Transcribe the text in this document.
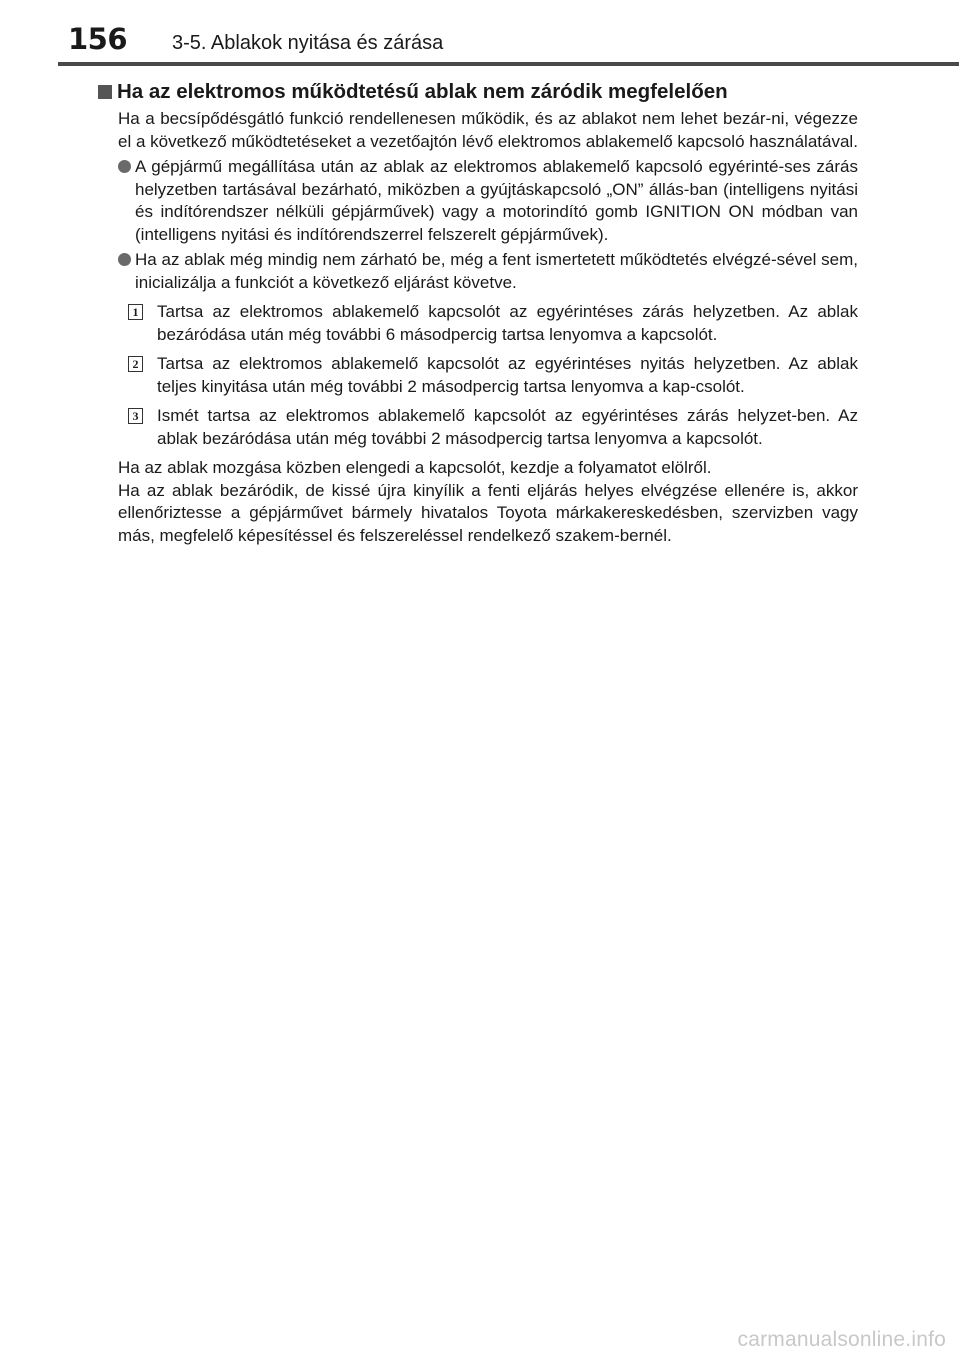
156 3-5. Ablakok nyitása és zárása
Ha az elektromos működtetésű ablak nem záródik megfelelően

Ha a becsípődésgátló funkció rendellenesen működik, és az ablakot nem lehet bezár-ni, végezze el a következő működtetéseket a vezetőajtón lévő elektromos ablakemelő kapcsoló használatával.

A gépjármű megállítása után az ablak az elektromos ablakemelő kapcsoló egyérinté-ses zárás helyzetben tartásával bezárható, miközben a gyújtáskapcsoló „ON” állás-ban (intelligens nyitási és indítórendszer nélküli gépjárművek) vagy a motorindító gomb IGNITION ON módban van (intelligens nyitási és indítórendszerrel felszerelt gépjárművek).

Ha az ablak még mindig nem zárható be, még a fent ismertetett működtetés elvégzé-sével sem, inicializálja a funkciót a következő eljárást követve.

1 Tartsa az elektromos ablakemelő kapcsolót az egyérintéses zárás helyzetben. Az ablak bezáródása után még további 6 másodpercig tartsa lenyomva a kapcsolót.

2 Tartsa az elektromos ablakemelő kapcsolót az egyérintéses nyitás helyzetben. Az ablak teljes kinyitása után még további 2 másodpercig tartsa lenyomva a kap-csolót.

3 Ismét tartsa az elektromos ablakemelő kapcsolót az egyérintéses zárás helyzet-ben. Az ablak bezáródása után még további 2 másodpercig tartsa lenyomva a kapcsolót.

Ha az ablak mozgása közben elengedi a kapcsolót, kezdje a folyamatot elölről.

Ha az ablak bezáródik, de kissé újra kinyílik a fenti eljárás helyes elvégzése ellenére is, akkor ellenőriztesse a gépjárművet bármely hivatalos Toyota márkakereskedésben, szervizben vagy más, megfelelő képesítéssel és felszereléssel rendelkező szakem-bernél.

carmanualsonline.info
